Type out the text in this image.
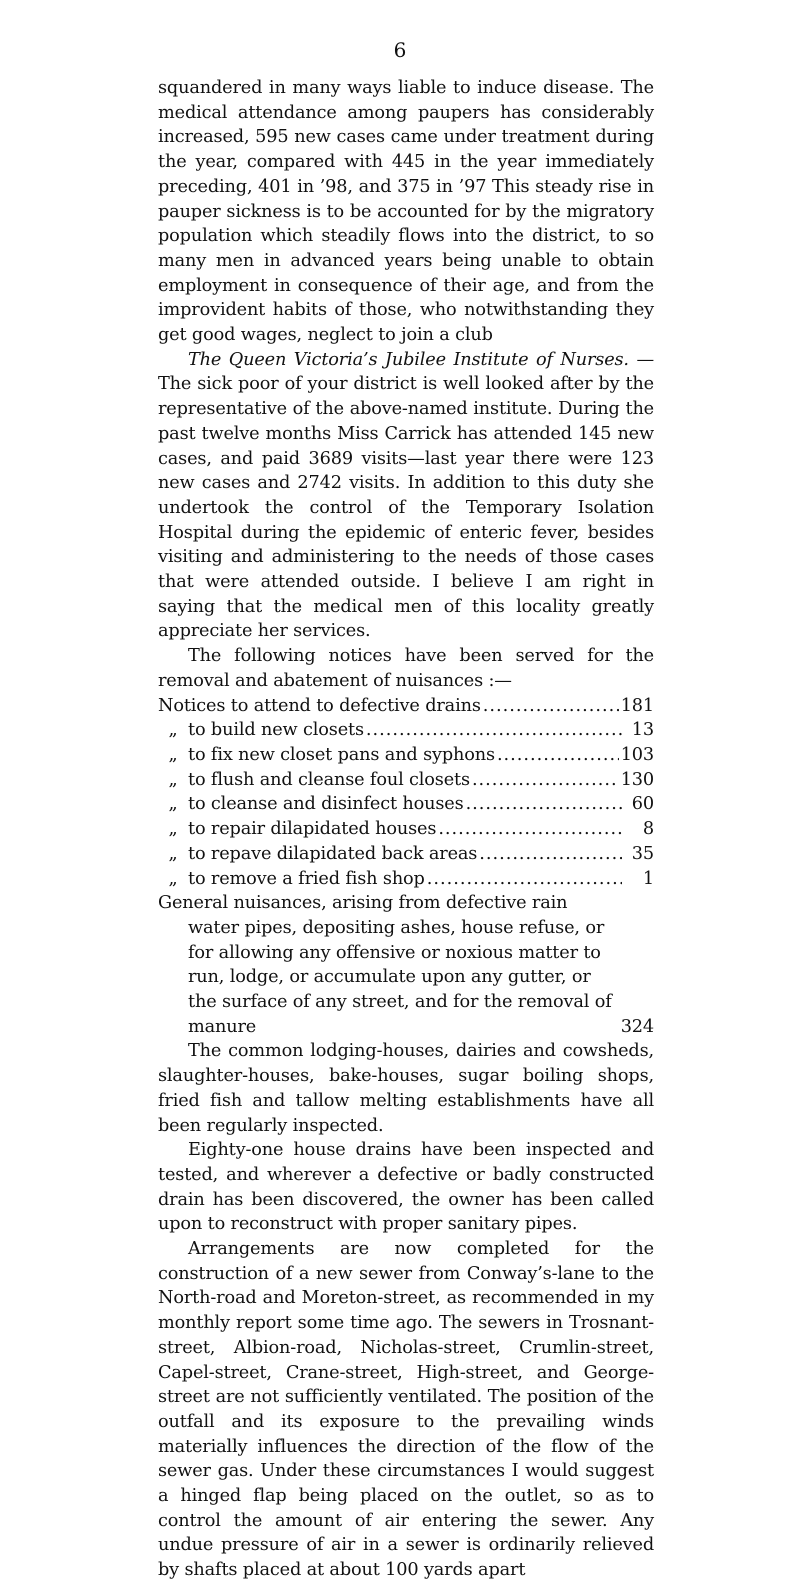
6

squandered in many ways liable to induce disease. The medical attendance among paupers has considerably increased, 595 new cases came under treatment during the year, compared with 445 in the year immediately preceding, 401 in ’98, and 375 in ’97 This steady rise in pauper sickness is to be accounted for by the migratory population which steadily flows into the district, to so many men in advanced years being unable to obtain employment in consequence of their age, and from the improvident habits of those, who notwithstanding they get good wages, neglect to join a club

The Queen Victoria’s Jubilee Institute of Nurses. —The sick poor of your district is well looked after by the representative of the above-named institute. During the past twelve months Miss Carrick has attended 145 new cases, and paid 3689 visits—last year there were 123 new cases and 2742 visits. In addition to this duty she undertook the control of the Temporary Isolation Hospital during the epidemic of enteric fever, besides visiting and administering to the needs of those cases that were attended outside. I believe I am right in saying that the medical men of this locality greatly appreciate her services.

The following notices have been served for the removal and abatement of nuisances :—

Notices to attend to defective drains .....	181
„ to build new closets .....	13
„ to fix new closet pans and syphons .....	103
„ to flush and cleanse foul closets .....	130
„ to cleanse and disinfect houses .....	60
„ to repair dilapidated houses .....	8
„ to repave dilapidated back areas .....	35
„ to remove a fried fish shop .....	1
General nuisances, arising from defective rain water pipes, depositing ashes, house refuse, or for allowing any offensive or noxious matter to run, lodge, or accumulate upon any gutter, or the surface of any street, and for the removal of manure	324

The common lodging-houses, dairies and cowsheds, slaughter-houses, bake-houses, sugar boiling shops, fried fish and tallow melting establishments have all been regularly inspected.

Eighty-one house drains have been inspected and tested, and wherever a defective or badly constructed drain has been discovered, the owner has been called upon to reconstruct with proper sanitary pipes.

Arrangements are now completed for the construction of a new sewer from Conway’s-lane to the North-road and Moreton-street, as recommended in my monthly report some time ago. The sewers in Trosnant-street, Albion-road, Nicholas-street, Crumlin-street, Capel-street, Crane-street, High-street, and George-street are not sufficiently ventilated. The position of the outfall and its exposure to the prevailing winds materially influences the direction of the flow of the sewer gas. Under these circumstances I would suggest a hinged flap being placed on the outlet, so as to control the amount of air entering the sewer. Any undue pressure of air in a sewer is ordinarily relieved by shafts placed at about 100 yards apart
